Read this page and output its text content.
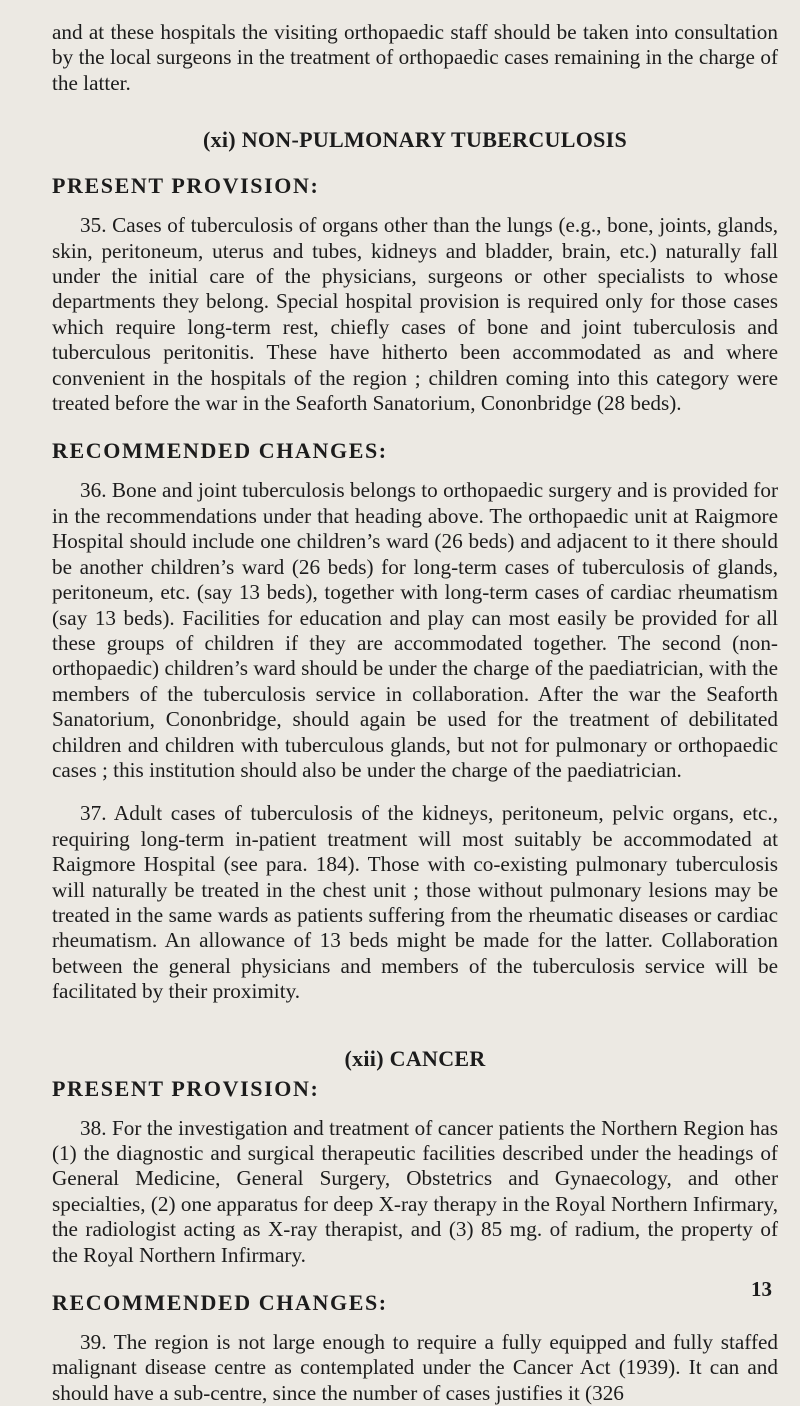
and at these hospitals the visiting orthopaedic staff should be taken into consultation by the local surgeons in the treatment of orthopaedic cases remaining in the charge of the latter.

(xi) NON-PULMONARY TUBERCULOSIS
PRESENT PROVISION:

35. Cases of tuberculosis of organs other than the lungs (e.g., bone, joints, glands, skin, peritoneum, uterus and tubes, kidneys and bladder, brain, etc.) naturally fall under the initial care of the physicians, surgeons or other specialists to whose departments they belong. Special hospital provision is required only for those cases which require long-term rest, chiefly cases of bone and joint tuberculosis and tuberculous peritonitis. These have hitherto been accommodated as and where convenient in the hospitals of the region ; children coming into this category were treated before the war in the Seaforth Sanatorium, Cononbridge (28 beds).

RECOMMENDED CHANGES:

36. Bone and joint tuberculosis belongs to orthopaedic surgery and is provided for in the recommendations under that heading above. The orthopaedic unit at Raigmore Hospital should include one children’s ward (26 beds) and adjacent to it there should be another children’s ward (26 beds) for long-term cases of tuberculosis of glands, peritoneum, etc. (say 13 beds), together with long-term cases of cardiac rheumatism (say 13 beds). Facilities for education and play can most easily be provided for all these groups of children if they are accommodated together. The second (non-orthopaedic) children’s ward should be under the charge of the paediatrician, with the members of the tuberculosis service in collaboration. After the war the Seaforth Sanatorium, Cononbridge, should again be used for the treatment of debilitated children and children with tuberculous glands, but not for pulmonary or orthopaedic cases ; this institution should also be under the charge of the paediatrician.

37. Adult cases of tuberculosis of the kidneys, peritoneum, pelvic organs, etc., requiring long-term in-patient treatment will most suitably be accommodated at Raigmore Hospital (see para. 184). Those with co-existing pulmonary tuberculosis will naturally be treated in the chest unit ; those without pulmonary lesions may be treated in the same wards as patients suffering from the rheumatic diseases or cardiac rheumatism. An allowance of 13 beds might be made for the latter. Collaboration between the general physicians and members of the tuberculosis service will be facilitated by their proximity.

(xii) CANCER
PRESENT PROVISION:

38. For the investigation and treatment of cancer patients the Northern Region has (1) the diagnostic and surgical therapeutic facilities described under the headings of General Medicine, General Surgery, Obstetrics and Gynaecology, and other specialties, (2) one apparatus for deep X-ray therapy in the Royal Northern Infirmary, the radiologist acting as X-ray therapist, and (3) 85 mg. of radium, the property of the Royal Northern Infirmary.

RECOMMENDED CHANGES:

39. The region is not large enough to require a fully equipped and fully staffed malignant disease centre as contemplated under the Cancer Act (1939). It can and should have a sub-centre, since the number of cases justifies it (326

13
